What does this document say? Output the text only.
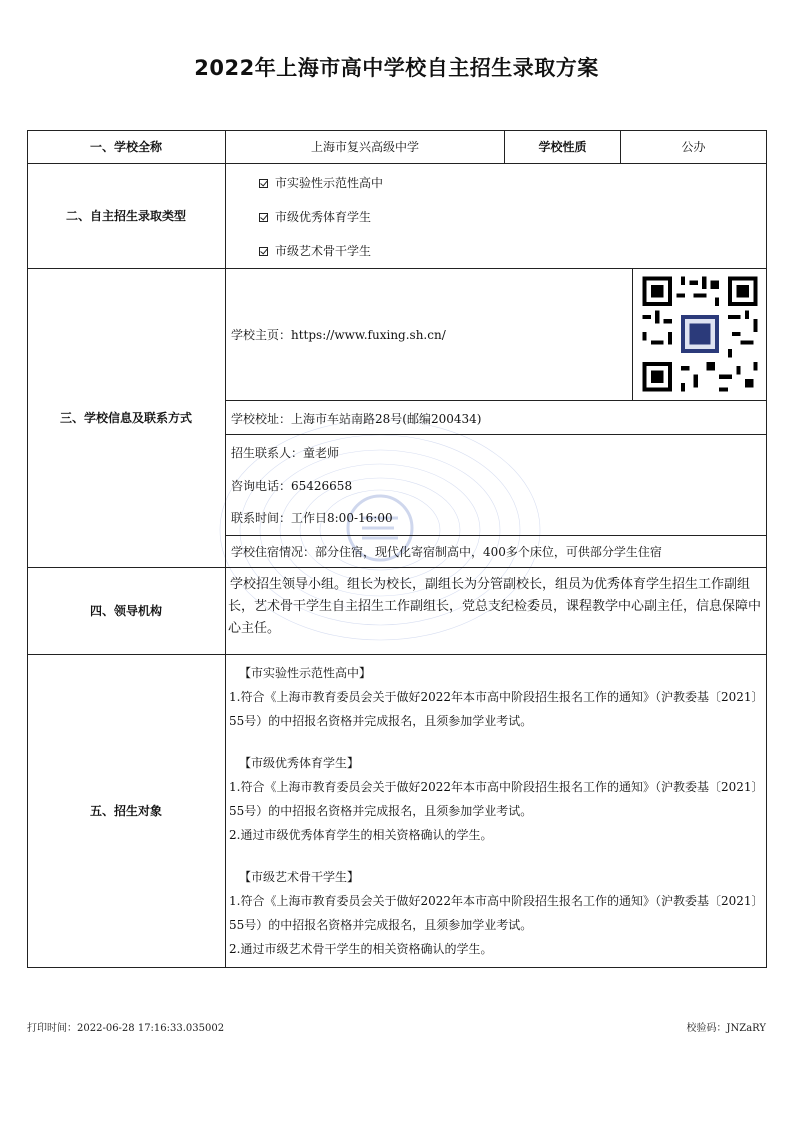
2022年上海市高中学校自主招生录取方案
一、学校全称	上海市复兴高级中学	学校性质	公办
二、自主招生录取类型
市实验性示范性高中
市级优秀体育学生
市级艺术骨干学生
三、学校信息及联系方式
学校主页：https://www.fuxing.sh.cn/
学校校址：上海市车站南路28号(邮编200434)
招生联系人：童老师
咨询电话：65426658
联系时间：工作日8:00-16:00
学校住宿情况：部分住宿，现代化寄宿制高中，400多个床位，可供部分学生住宿
四、领导机构
学校招生领导小组。组长为校长，副组长为分管副校长，组员为优秀体育学生招生工作副组长，艺术骨干学生自主招生工作副组长，党总支纪检委员，课程教学中心副主任，信息保障中心主任。
五、招生对象
【市实验性示范性高中】
1.符合《上海市教育委员会关于做好2022年本市高中阶段招生报名工作的通知》（沪教委基〔2021〕55号）的中招报名资格并完成报名，且须参加学业考试。
【市级优秀体育学生】
1.符合《上海市教育委员会关于做好2022年本市高中阶段招生报名工作的通知》（沪教委基〔2021〕55号）的中招报名资格并完成报名，且须参加学业考试。
2.通过市级优秀体育学生的相关资格确认的学生。
【市级艺术骨干学生】
1.符合《上海市教育委员会关于做好2022年本市高中阶段招生报名工作的通知》（沪教委基〔2021〕55号）的中招报名资格并完成报名，且须参加学业考试。
2.通过市级艺术骨干学生的相关资格确认的学生。
打印时间：2022-06-28 17:16:33.035002	校验码：JNZaRY
